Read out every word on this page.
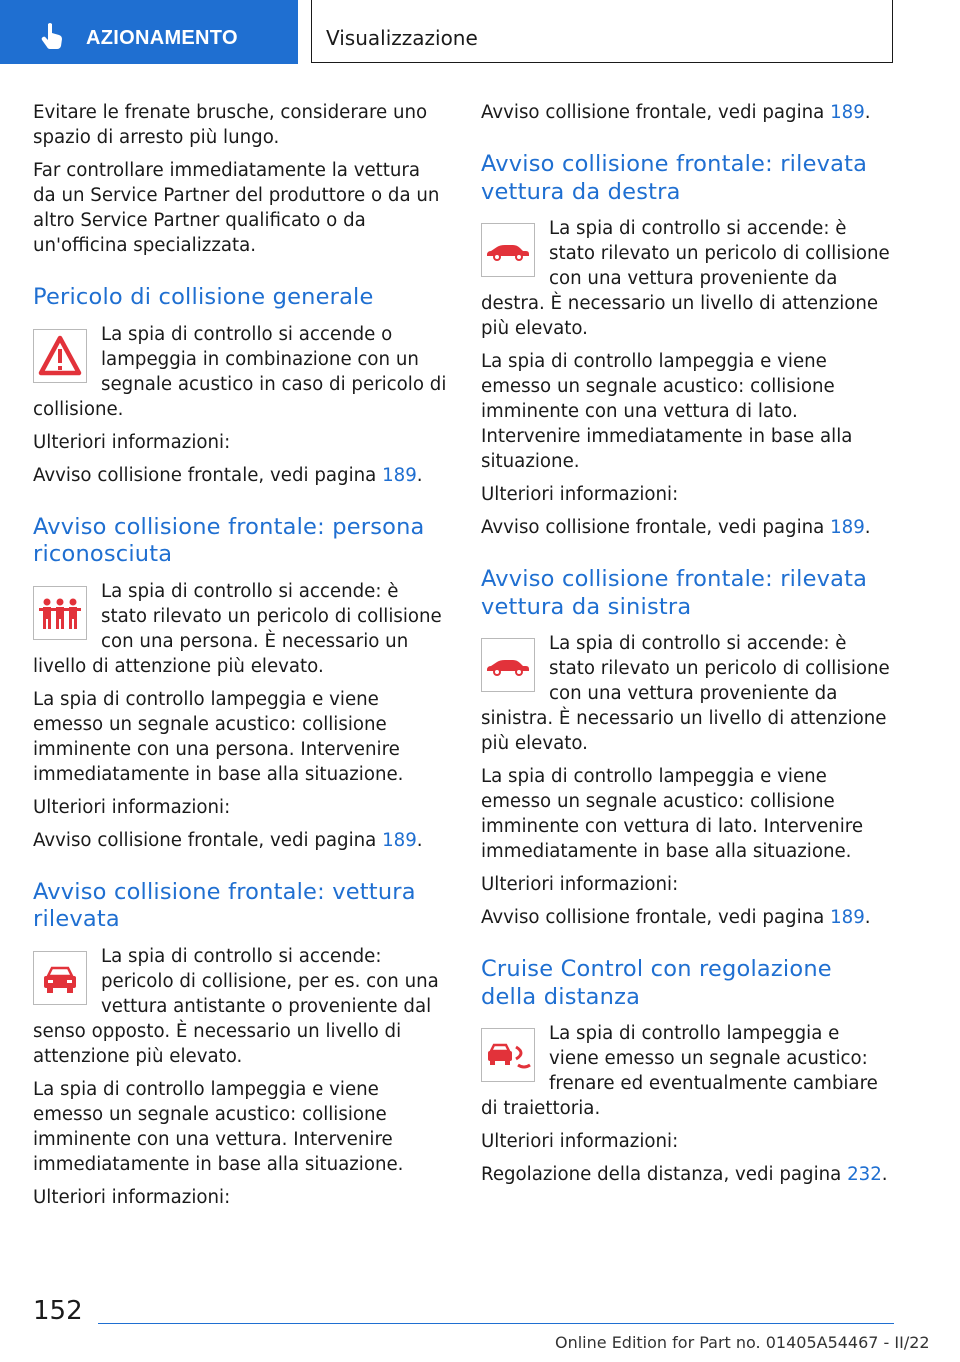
AZIONAMENTO	Visualizzazione

Evitare le frenate brusche, considerare uno spazio di arresto più lungo.

Far controllare immediatamente la vettura da un Service Partner del produttore o da un altro Service Partner qualificato o da un'officina specializzata.

Pericolo di collisione generale

La spia di controllo si accende o lampeggia in combinazione con un segnale acustico in caso di pericolo di collisione.

Ulteriori informazioni:

Avviso collisione frontale, vedi pagina 189.

Avviso collisione frontale: persona riconosciuta

La spia di controllo si accende: è stato rilevato un pericolo di collisione con una persona. È necessario un livello di attenzione più elevato.

La spia di controllo lampeggia e viene emesso un segnale acustico: collisione imminente con una persona. Intervenire immediatamente in base alla situazione.

Ulteriori informazioni:

Avviso collisione frontale, vedi pagina 189.

Avviso collisione frontale: vettura rilevata

La spia di controllo si accende: pericolo di collisione, per es. con una vettura antistante o proveniente dal senso opposto. È necessario un livello di attenzione più elevato.

La spia di controllo lampeggia e viene emesso un segnale acustico: collisione imminente con una vettura. Intervenire immediatamente in base alla situazione.

Ulteriori informazioni:

Avviso collisione frontale, vedi pagina 189.

Avviso collisione frontale: rilevata vettura da destra

La spia di controllo si accende: è stato rilevato un pericolo di collisione con una vettura proveniente da destra. È necessario un livello di attenzione più elevato.

La spia di controllo lampeggia e viene emesso un segnale acustico: collisione imminente con una vettura di lato. Intervenire immediatamente in base alla situazione.

Ulteriori informazioni:

Avviso collisione frontale, vedi pagina 189.

Avviso collisione frontale: rilevata vettura da sinistra

La spia di controllo si accende: è stato rilevato un pericolo di collisione con una vettura proveniente da sinistra. È necessario un livello di attenzione più elevato.

La spia di controllo lampeggia e viene emesso un segnale acustico: collisione imminente con vettura di lato. Intervenire immediatamente in base alla situazione.

Ulteriori informazioni:

Avviso collisione frontale, vedi pagina 189.

Cruise Control con regolazione della distanza

La spia di controllo lampeggia e viene emesso un segnale acustico: frenare ed eventualmente cambiare di traiettoria.

Ulteriori informazioni:

Regolazione della distanza, vedi pagina 232.

152
Online Edition for Part no. 01405A54467 - II/22
